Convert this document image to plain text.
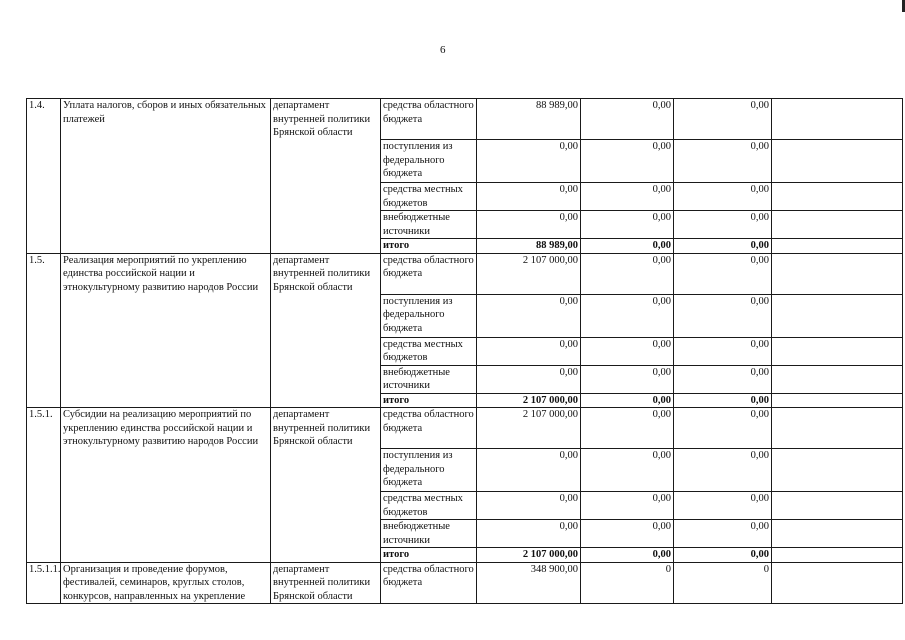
6
1.4.	Уплата налогов, сборов и иных обязательных платежей	департамент внутренней политики Брянской области	средства областного бюджета	88 989,00	0,00	0,00	
			поступления из федерального бюджета	0,00	0,00	0,00	
			средства местных бюджетов	0,00	0,00	0,00	
			внебюджетные источники	0,00	0,00	0,00	
			итого	88 989,00	0,00	0,00	
1.5.	Реализация мероприятий по укреплению единства российской нации и этнокультурному развитию народов России	департамент внутренней политики Брянской области	средства областного бюджета	2 107 000,00	0,00	0,00	
			поступления из федерального бюджета	0,00	0,00	0,00	
			средства местных бюджетов	0,00	0,00	0,00	
			внебюджетные источники	0,00	0,00	0,00	
			итого	2 107 000,00	0,00	0,00	
1.5.1.	Субсидии на реализацию мероприятий по укреплению единства российской нации и этнокультурному развитию народов России	департамент внутренней политики Брянской области	средства областного бюджета	2 107 000,00	0,00	0,00	
			поступления из федерального бюджета	0,00	0,00	0,00	
			средства местных бюджетов	0,00	0,00	0,00	
			внебюджетные источники	0,00	0,00	0,00	
			итого	2 107 000,00	0,00	0,00	
1.5.1.1.	Организация и проведение форумов, фестивалей, семинаров, круглых столов, конкурсов, направленных на укрепление	департамент внутренней политики Брянской области	средства областного бюджета	348 900,00	0	0	
